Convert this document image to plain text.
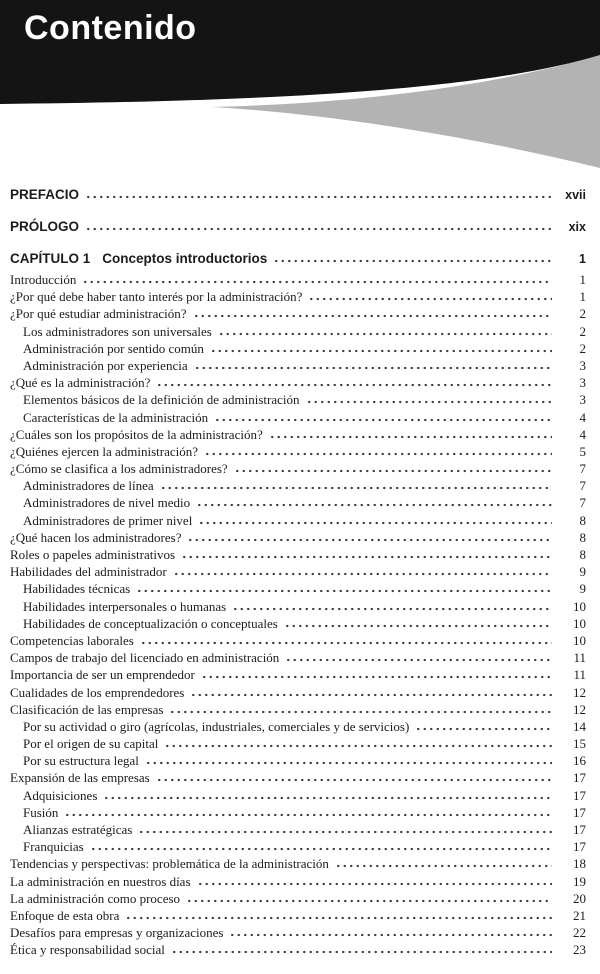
Contenido
PREFACIO	xvii
PRÓLOGO	xix
CAPÍTULO 1 Conceptos introductorios	1
Introducción	1
¿Por qué debe haber tanto interés por la administración?	1
¿Por qué estudiar administración?	2
Los administradores son universales	2
Administración por sentido común	2
Administración por experiencia	3
¿Qué es la administración?	3
Elementos básicos de la definición de administración	3
Características de la administración	4
¿Cuáles son los propósitos de la administración?	4
¿Quiénes ejercen la administración?	5
¿Cómo se clasifica a los administradores?	7
Administradores de línea	7
Administradores de nivel medio	7
Administradores de primer nivel	8
¿Qué hacen los administradores?	8
Roles o papeles administrativos	8
Habilidades del administrador	9
Habilidades técnicas	9
Habilidades interpersonales o humanas	10
Habilidades de conceptualización o conceptuales	10
Competencias laborales	10
Campos de trabajo del licenciado en administración	11
Importancia de ser un emprendedor	11
Cualidades de los emprendedores	12
Clasificación de las empresas	12
Por su actividad o giro (agrícolas, industriales, comerciales y de servicios)	14
Por el origen de su capital	15
Por su estructura legal	16
Expansión de las empresas	17
Adquisiciones	17
Fusión	17
Alianzas estratégicas	17
Franquicias	17
Tendencias y perspectivas: problemática de la administración	18
La administración en nuestros días	19
La administración como proceso	20
Enfoque de esta obra	21
Desafíos para empresas y organizaciones	22
Ética y responsabilidad social	23
